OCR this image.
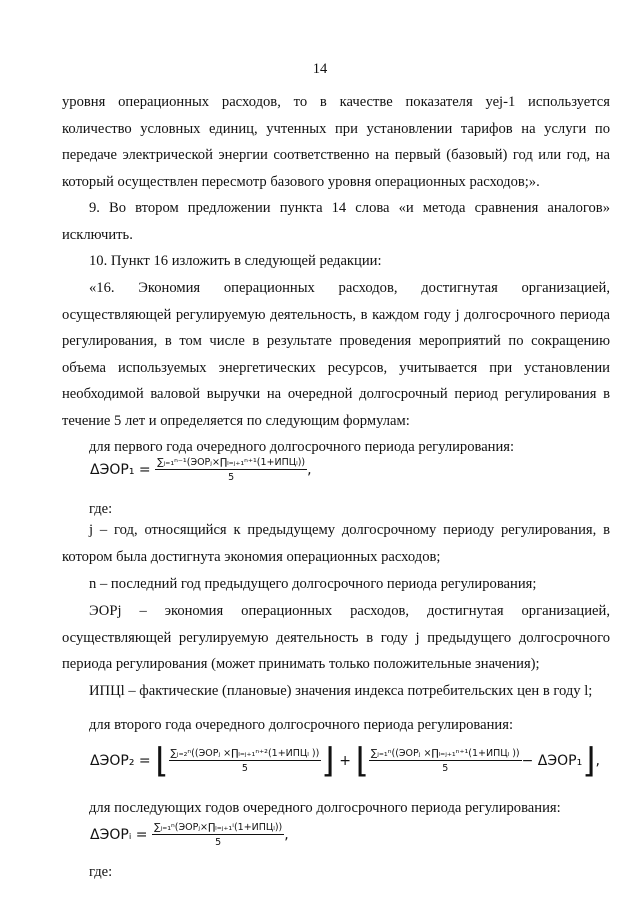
14
уровня операционных расходов, то в качестве показателя уеj-1 используется количество условных единиц, учтенных при установлении тарифов на услуги по передаче электрической энергии соответственно на первый (базовый) год или год, на который осуществлен пересмотр базового уровня операционных расходов;».
9. Во втором предложении пункта 14 слова «и метода сравнения аналогов» исключить.
10. Пункт 16 изложить в следующей редакции:
«16. Экономия операционных расходов, достигнутая организацией, осуществляющей регулируемую деятельность, в каждом году j долгосрочного периода регулирования, в том числе в результате проведения мероприятий по сокращению объема используемых энергетических ресурсов, учитывается при установлении необходимой валовой выручки на очередной долгосрочный период регулирования в течение 5 лет и определяется по следующим формулам:
для первого года очередного долгосрочного периода регулирования:
$\Delta ЭОР_1 = \frac{\text{∑ⱼ₌₁ⁿ⁻¹(ЭОРⱼ×∏ₗ₌ⱼ₊₁ⁿ⁺¹(1+ИПЦₗ))}}{5}$ ,
где:
j – год, относящийся к предыдущему долгосрочному периоду регулирования, в котором была достигнута экономия операционных расходов;
n – последний год предыдущего долгосрочного периода регулирования;
ЭОРj – экономия операционных расходов, достигнутая организацией, осуществляющей регулируемую деятельность в году j предыдущего долгосрочного периода регулирования (может принимать только положительные значения);
ИПЦl – фактические (плановые) значения индекса потребительских цен в году l;
для второго года очередного долгосрочного периода регулирования:
ΔЭОР₂ = ⌊ $\frac{\text{∑ⱼ₌₂ⁿ((ЭОРⱼ ×∏ₗ₌ⱼ₊₁ⁿ⁺²(1+ИПЦₗ ))}}{5}$ ⌋ + ⌊ $\frac{\text{∑ⱼ₌₁ⁿ((ЭОРⱼ ×∏ₗ₌ⱼ₊₁ⁿ⁺¹(1+ИПЦₗ ))}}{5}$ − ΔЭОР₁⌋,
для последующих годов очередного долгосрочного периода регулирования:
ΔЭОРᵢ = $\frac{\text{∑ⱼ₌₁ⁿ(ЭОРⱼ×∏ₗ₌ⱼ₊₁ⁱ(1+ИПЦₗ))}}{5}$ ,
где:
